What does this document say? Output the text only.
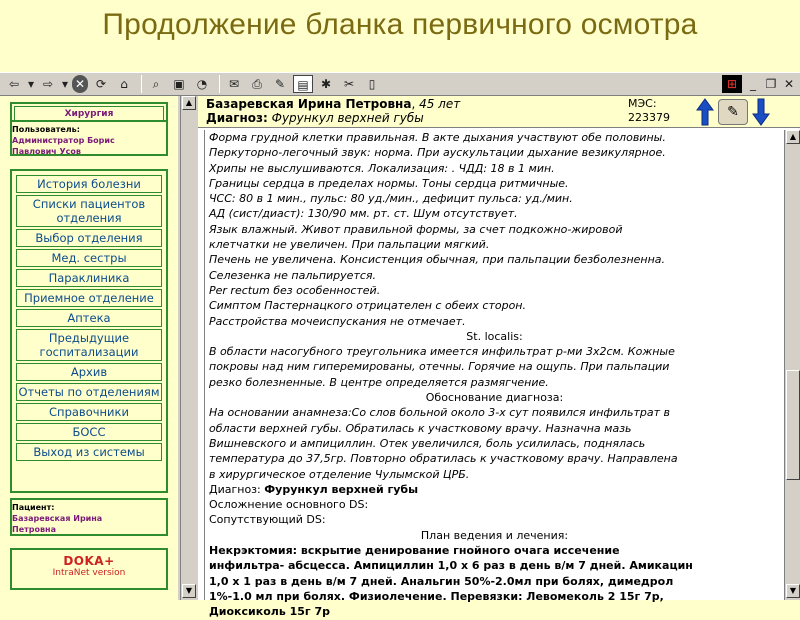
Продолжение бланка первичного осмотра
⇦ ▾ ⇨ ▾ ✕ ⟳	⌂	⌕	▣	◔	✉	⎙	✎	▤	✱	✂	▯	⊞	_ ❐ ✕
Хирургия
Пользователь:
Администратор Борис
Павлович Усов
История болезни
Списки пациентов отделения
Выбор отделения
Мед. сестры
Параклиника
Приемное отделение
Аптека
Предыдущие госпитализации
Архив
Отчеты по отделениям
Справочники
БОСС
Выход из системы
Пациент:
Базаревская Ирина
Петровна
DOKA+
IntraNet version
▲
▼
Базаревская Ирина Петровна, 45 лет
Диагноз: Фурункул верхней губы
МЭС:
223379	✎
Форма грудной клетки правильная. В акте дыхания участвуют обе половины.
Перкуторно-легочный звук: норма. При аускультации дыхание везикулярное.
Хрипы не выслушиваются. Локализация: . ЧДД: 18 в 1 мин.
Границы сердца в пределах нормы. Тоны сердца ритмичные.
ЧСС: 80 в 1 мин., пульс: 80 уд./мин., дефицит пульса: уд./мин.
АД (сист/диаст): 130/90 мм. рт. ст. Шум отсутствует.
Язык влажный. Живот правильной формы, за счет подкожно-жировой
клетчатки не увеличен. При пальпации мягкий.
Печень не увеличена. Консистенция обычная, при пальпации безболезненна.
Селезенка не пальпируется.
Per rectum без особенностей.
Симптом Пастернацкого отрицателен с обеих сторон.
Расстройства мочеиспускания не отмечает.
St. localis:
В области насогубного треугольника имеется инфильтрат р-ми 3х2см. Кожные
покровы над ним гиперемированы, отечны. Горячие на ощупь. При пальпации
резко болезненные. В центре определяется размягчение.
Обоснование диагноза:
На основании анамнеза:Со слов больной около 3-х сут появился инфильтрат в
области верхней губы. Обратилась к участковому врачу. Назначна мазь
Вишневского и ампициллин. Отек увеличился, боль усилилась, поднялась
температура до 37,5гр. Повторно обратилась к участковому врачу. Направлена
в хирургическое отделение Чулымской ЦРБ.
Диагноз: Фурункул верхней губы
Осложнение основного DS:
Сопутствующий DS:
План ведения и лечения:
Некрэктомия: вскрытие денирование гнойного очага иссечение
инфильтра- абсцесса. Ампициллин 1,0 х 6 раз в день в/м 7 дней. Амикацин
1,0 х 1 раз в день в/м 7 дней. Анальгин 50%-2.0мл при болях, димедрол
1%-1.0 мл при болях. Физиолечение. Перевязки: Левомеколь 2 15г 7р,
Диоксиколь 15г 7р
▲
▼
